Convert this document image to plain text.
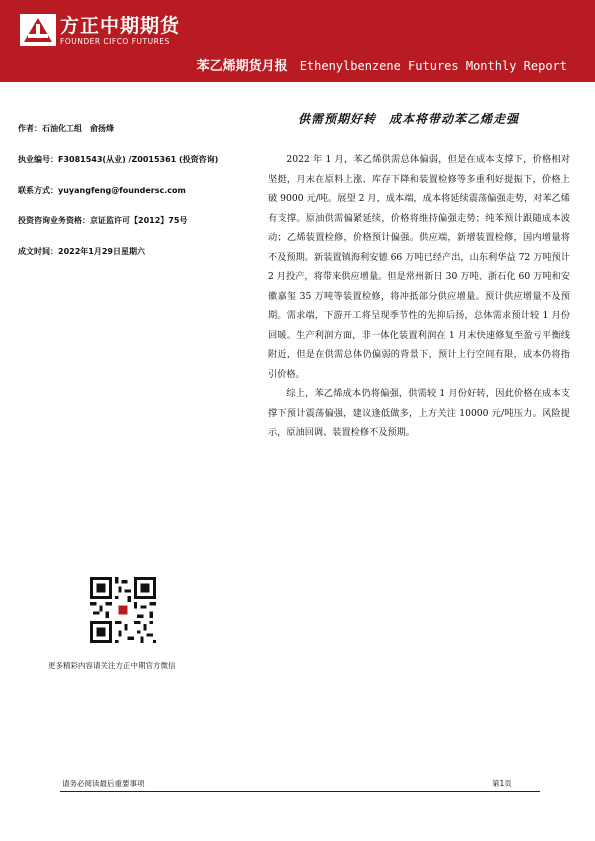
方正中期期货
FOUNDER CIFCO FUTURES
苯乙烯期货月报 Ethenylbenzene Futures Monthly Report
作者：石油化工组　俞扬烽
执业编号：F3081543(从业) /Z0015361 (投资咨询)
联系方式：yuyangfeng@foundersc.com
投资咨询业务资格：京证监许可【2012】75号
成文时间：2022年1月29日星期六
供需预期好转　成本将带动苯乙烯走强

2022 年 1 月，苯乙烯供需总体偏弱，但是在成本支撑下，价格相对坚挺，月末在原料上涨、库存下降和装置检修等多重利好提振下，价格上破 9000 元/吨。展望 2 月，成本端，成本将延续震荡偏强走势，对苯乙烯有支撑。原油供需偏紧延续，价格将维持偏强走势；纯苯预计跟随成本波动；乙烯装置检修，价格预计偏强。供应端，新增装置检修，国内增量将不及预期。新装置镇海利安德 66 万吨已经产出，山东利华益 72 万吨预计 2 月投产，将带来供应增量。但是常州新日 30 万吨、浙石化 60 万吨和安徽嘉玺 35 万吨等装置检修，将冲抵部分供应增量。预计供应增量不及预期。需求端，下游开工将呈现季节性的先抑后扬，总体需求预计较 1 月份回暖。生产利润方面，非一体化装置利润在 1 月末快速修复至盈亏平衡线附近，但是在供需总体仍偏弱的背景下，预计上行空间有限，成本仍将指引价格。

综上，苯乙烯成本仍将偏强，供需较 1 月份好转，因此价格在成本支撑下预计震荡偏强，建议逢低做多，上方关注 10000 元/吨压力。风险提示，原油回调、装置检修不及预期。

更多精彩内容请关注方正中期官方微信
请务必阅读最后重要事项	第1页
